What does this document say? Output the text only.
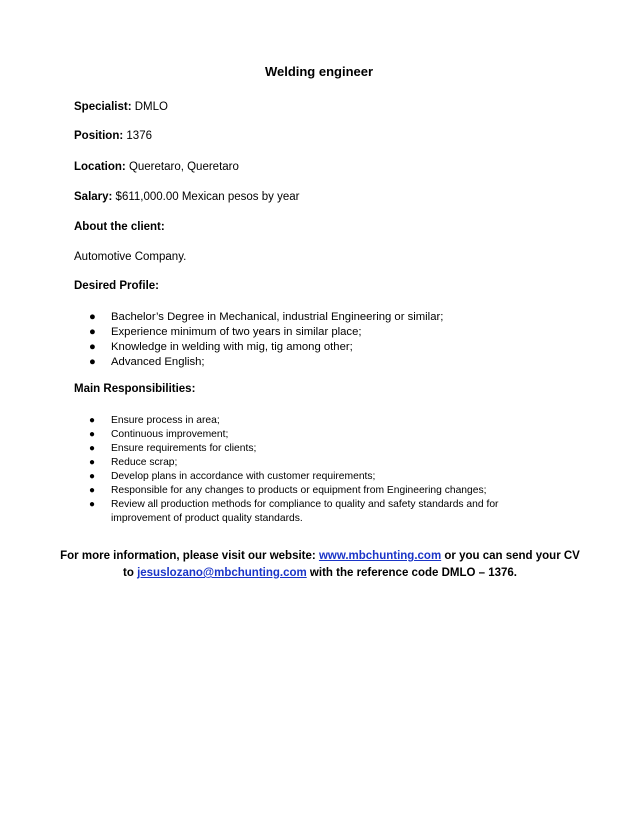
Welding engineer
Specialist: DMLO
Position: 1376
Location: Queretaro, Queretaro
Salary: $611,000.00 Mexican pesos by year
About the client:
Automotive Company.
Desired Profile:
● Bachelor’s Degree in Mechanical, industrial Engineering or similar;
● Experience minimum of two years in similar place;
● Knowledge in welding with mig, tig among other;
● Advanced English;
Main Responsibilities:
● Ensure process in area;
● Continuous improvement;
● Ensure requirements for clients;
● Reduce scrap;
● Develop plans in accordance with customer requirements;
● Responsible for any changes to products or equipment from Engineering changes;
● Review all production methods for compliance to quality and safety standards and for improvement of product quality standards.
For more information, please visit our website: www.mbchunting.com or you can send your CV to jesuslozano@mbchunting.com with the reference code DMLO – 1376.
